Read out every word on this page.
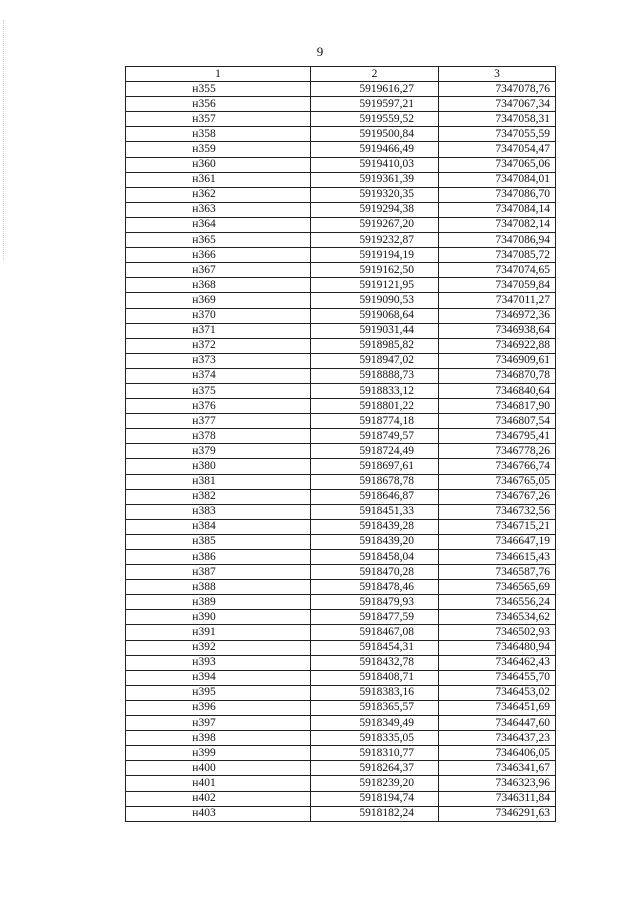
9
1	2	3
н355	5919616,27	7347078,76
н356	5919597,21	7347067,34
н357	5919559,52	7347058,31
н358	5919500,84	7347055,59
н359	5919466,49	7347054,47
н360	5919410,03	7347065,06
н361	5919361,39	7347084,01
н362	5919320,35	7347086,70
н363	5919294,38	7347084,14
н364	5919267,20	7347082,14
н365	5919232,87	7347086,94
н366	5919194,19	7347085,72
н367	5919162,50	7347074,65
н368	5919121,95	7347059,84
н369	5919090,53	7347011,27
н370	5919068,64	7346972,36
н371	5919031,44	7346938,64
н372	5918985,82	7346922,88
н373	5918947,02	7346909,61
н374	5918888,73	7346870,78
н375	5918833,12	7346840,64
н376	5918801,22	7346817,90
н377	5918774,18	7346807,54
н378	5918749,57	7346795,41
н379	5918724,49	7346778,26
н380	5918697,61	7346766,74
н381	5918678,78	7346765,05
н382	5918646,87	7346767,26
н383	5918451,33	7346732,56
н384	5918439,28	7346715,21
н385	5918439,20	7346647,19
н386	5918458,04	7346615,43
н387	5918470,28	7346587,76
н388	5918478,46	7346565,69
н389	5918479,93	7346556,24
н390	5918477,59	7346534,62
н391	5918467,08	7346502,93
н392	5918454,31	7346480,94
н393	5918432,78	7346462,43
н394	5918408,71	7346455,70
н395	5918383,16	7346453,02
н396	5918365,57	7346451,69
н397	5918349,49	7346447,60
н398	5918335,05	7346437,23
н399	5918310,77	7346406,05
н400	5918264,37	7346341,67
н401	5918239,20	7346323,96
н402	5918194,74	7346311,84
н403	5918182,24	7346291,63
